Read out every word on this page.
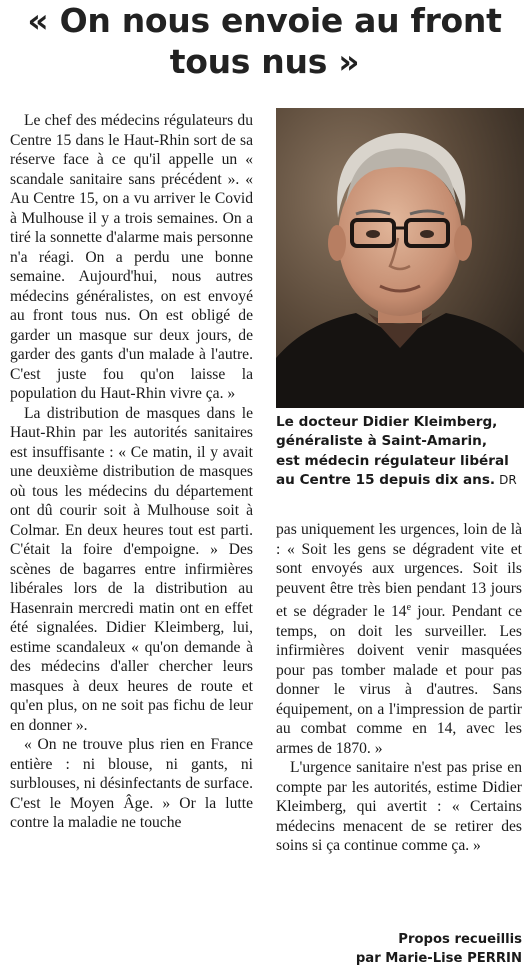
« On nous envoie au front
tous nus »

Le chef des médecins régulateurs du Centre 15 dans le Haut-Rhin sort de sa réserve face à ce qu'il appelle un « scandale sanitaire sans précédent ». « Au Centre 15, on a vu arriver le Covid à Mulhouse il y a trois semaines. On a tiré la sonnette d'alarme mais personne n'a réagi. On a perdu une bonne semaine. Aujourd'hui, nous autres médecins généralistes, on est envoyé au front tous nus. On est obligé de garder un masque sur deux jours, de garder des gants d'un malade à l'autre. C'est juste fou qu'on laisse la population du Haut-Rhin vivre ça. »

La distribution de masques dans le Haut-Rhin par les autorités sanitaires est insuffisante : « Ce matin, il y avait une deuxième distribution de masques où tous les médecins du département ont dû courir soit à Mulhouse soit à Colmar. En deux heures tout est parti. C'était la foire d'empoigne. » Des scènes de bagarres entre infirmières libérales lors de la distribution au Hasenrain mercredi matin ont en effet été signalées. Didier Kleimberg, lui, estime scandaleux « qu'on demande à des médecins d'aller chercher leurs masques à deux heures de route et qu'en plus, on ne soit pas fichu de leur en donner ».

« On ne trouve plus rien en France entière : ni blouse, ni gants, ni surblouses, ni désinfectants de surface. C'est le Moyen Âge. » Or la lutte contre la maladie ne touche

Le docteur Didier Kleimberg,
généraliste à Saint-Amarin,
est médecin régulateur libéral
au Centre 15 depuis dix ans. DR

pas uniquement les urgences, loin de là : « Soit les gens se dégradent vite et sont envoyés aux urgences. Soit ils peuvent être très bien pendant 13 jours et se dégrader le 14e jour. Pendant ce temps, on doit les surveiller. Les infirmières doivent venir masquées pour pas tomber malade et pour pas donner le virus à d'autres. Sans équipement, on a l'impression de partir au combat comme en 14, avec les armes de 1870. »

L'urgence sanitaire n'est pas prise en compte par les autorités, estime Didier Kleimberg, qui avertit : « Certains médecins menacent de se retirer des soins si ça continue comme ça. »

Propos recueillis
par Marie-Lise PERRIN
